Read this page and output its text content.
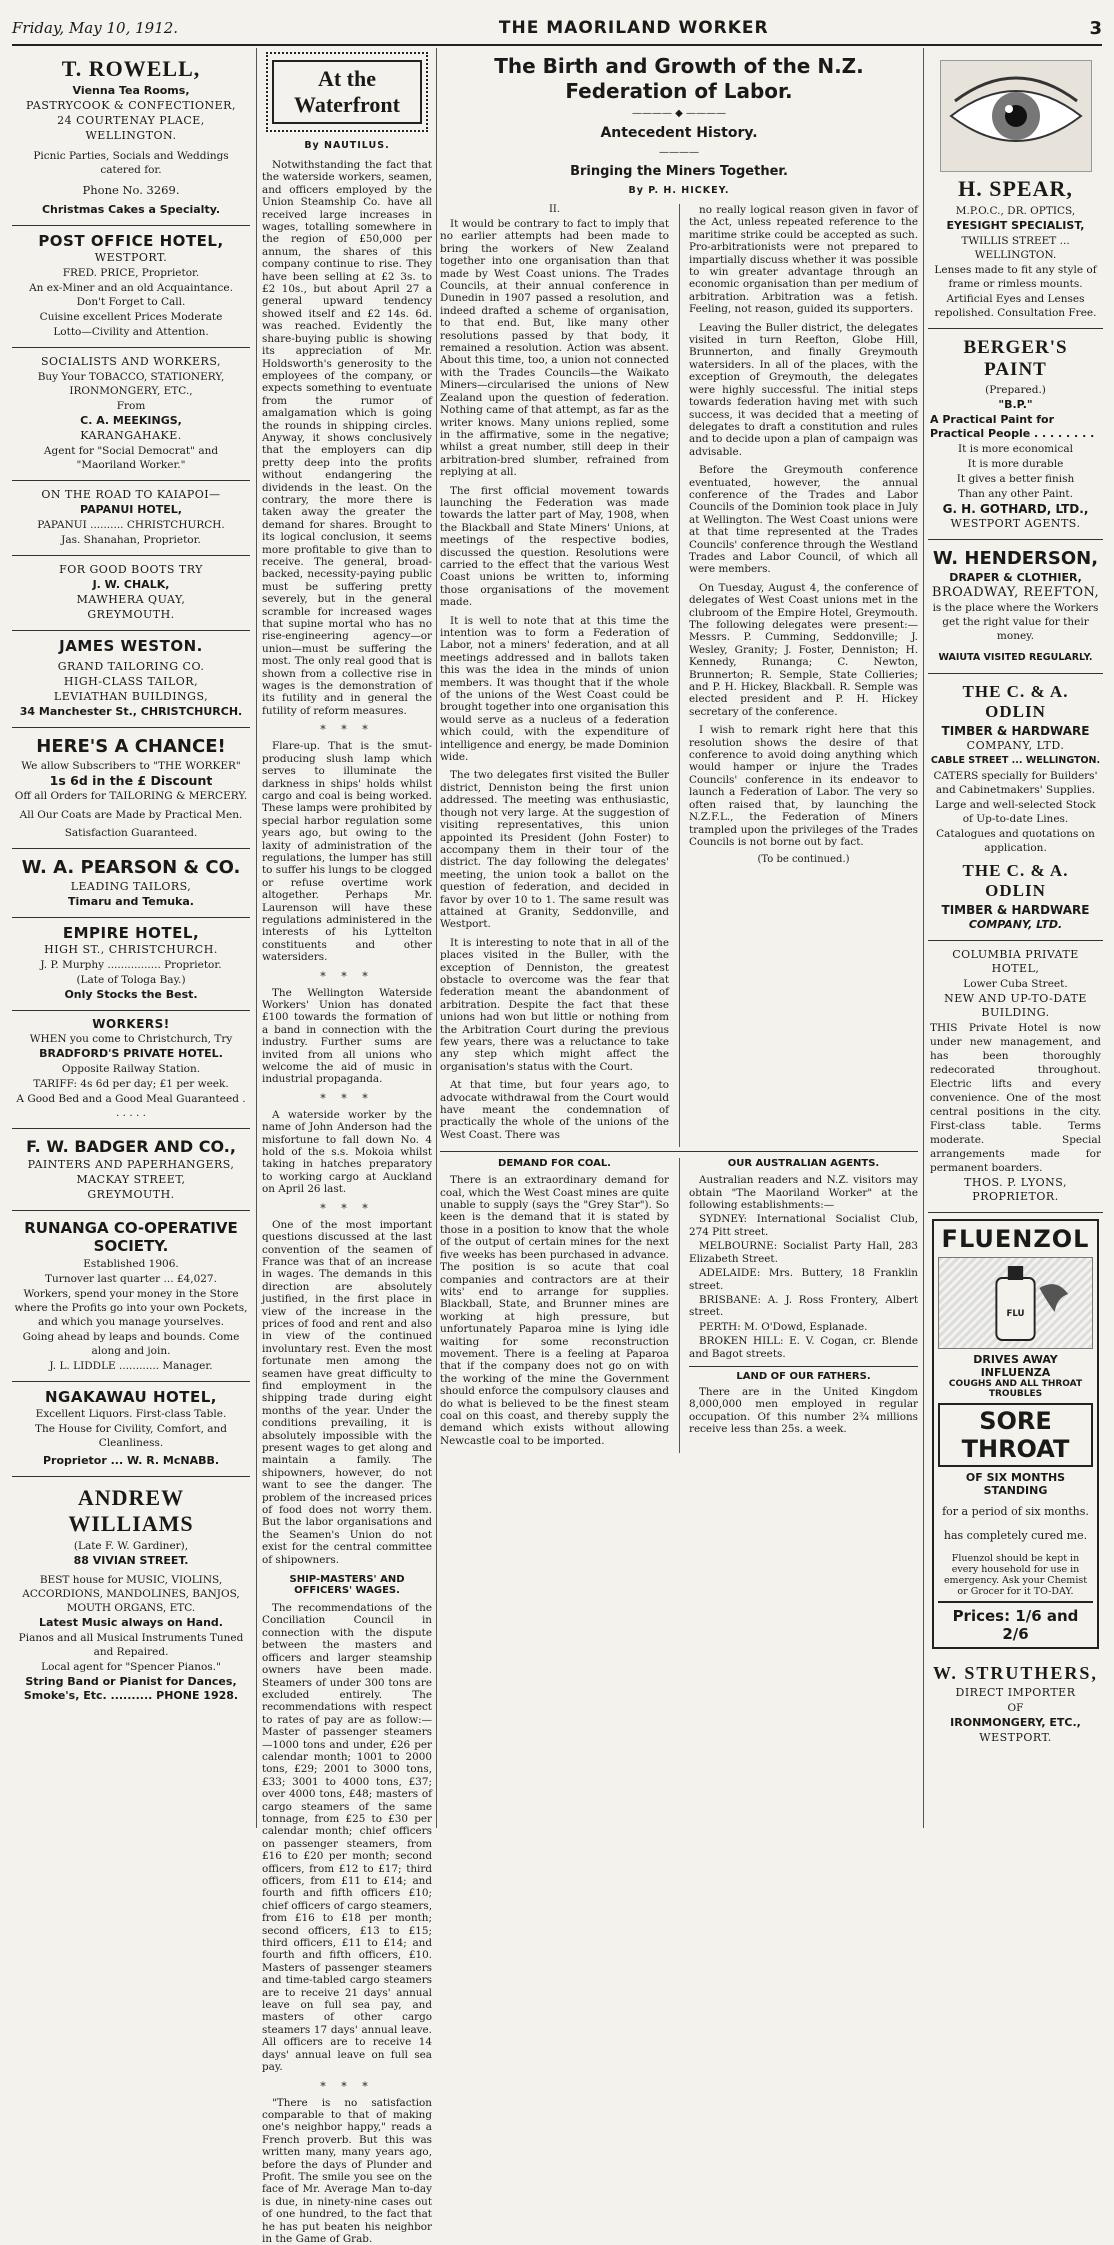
Friday, May 10, 1912.	THE MAORILAND WORKER	3
T. ROWELL,

Vienna Tea Rooms,

PASTRYCOOK & CONFECTIONER,

24 COURTENAY PLACE,

WELLINGTON.

Picnic Parties, Socials and Weddings catered for.

Phone No. 3269.

Christmas Cakes a Specialty.

POST OFFICE HOTEL,

WESTPORT.

FRED. PRICE, Proprietor.

An ex-Miner and an old Acquaintance. Don't Forget to Call.

Cuisine excellent Prices Moderate

Lotto—Civility and Attention.

SOCIALISTS AND WORKERS,

Buy Your TOBACCO, STATIONERY, IRONMONGERY, ETC.,

From

C. A. MEEKINGS,

KARANGAHAKE.

Agent for "Social Democrat" and "Maoriland Worker."

ON THE ROAD TO KAIAPOI—

PAPANUI HOTEL,

PAPANUI .......... CHRISTCHURCH.

Jas. Shanahan, Proprietor.

FOR GOOD BOOTS TRY

J. W. CHALK,

MAWHERA QUAY,

GREYMOUTH.

JAMES WESTON.

GRAND TAILORING CO.

HIGH-CLASS TAILOR,

LEVIATHAN BUILDINGS,

34 Manchester St., CHRISTCHURCH.

HERE'S A CHANCE!

We allow Subscribers to "THE WORKER"

1s 6d in the £ Discount

Off all Orders for TAILORING & MERCERY.

All Our Coats are Made by Practical Men.

Satisfaction Guaranteed.

W. A. PEARSON & CO.

LEADING TAILORS,

Timaru and Temuka.

EMPIRE HOTEL,

HIGH ST., CHRISTCHURCH.

J. P. Murphy ................ Proprietor.

(Late of Tologa Bay.)

Only Stocks the Best.

WORKERS!

WHEN you come to Christchurch, Try

BRADFORD'S PRIVATE HOTEL.

Opposite Railway Station.

TARIFF: 4s 6d per day; £1 per week.

A Good Bed and a Good Meal Guaranteed . . . . . .

F. W. BADGER AND CO.,

PAINTERS AND PAPERHANGERS,

MACKAY STREET,

GREYMOUTH.

RUNANGA CO-OPERATIVE SOCIETY.

Established 1906.

Turnover last quarter ... £4,027.

Workers, spend your money in the Store where the Profits go into your own Pockets, and which you manage yourselves.

Going ahead by leaps and bounds. Come along and join.

J. L. LIDDLE ............ Manager.

NGAKAWAU HOTEL,

Excellent Liquors. First-class Table.

The House for Civility, Comfort, and Cleanliness.

Proprietor ... W. R. McNABB.

ANDREW WILLIAMS

(Late F. W. Gardiner),

88 VIVIAN STREET.

BEST house for MUSIC, VIOLINS, ACCORDIONS, MANDOLINES, BANJOS, MOUTH ORGANS, ETC.

Latest Music always on Hand.

Pianos and all Musical Instruments Tuned and Repaired.

Local agent for "Spencer Pianos."

String Band or Pianist for Dances, Smoke's, Etc. .......... PHONE 1928.

At the Waterfront
By NAUTILUS.

Notwithstanding the fact that the waterside workers, seamen, and officers employed by the Union Steamship Co. have all received large increases in wages, totalling somewhere in the region of £50,000 per annum, the shares of this company continue to rise. They have been selling at £2 3s. to £2 10s., but about April 27 a general upward tendency showed itself and £2 14s. 6d. was reached. Evidently the share-buying public is showing its appreciation of Mr. Holdsworth's generosity to the employees of the company, or expects something to eventuate from the rumor of amalgamation which is going the rounds in shipping circles. Anyway, it shows conclusively that the employers can dip pretty deep into the profits without endangering the dividends in the least. On the contrary, the more there is taken away the greater the demand for shares. Brought to its logical conclusion, it seems more profitable to give than to receive. The general, broad-backed, necessity-paying public must be suffering pretty severely, but in the general scramble for increased wages that supine mortal who has no rise-engineering agency—or union—must be suffering the most. The only real good that is shown from a collective rise in wages is the demonstration of its futility and in general the futility of reform measures.

* * *

Flare-up. That is the smut-producing slush lamp which serves to illuminate the darkness in ships' holds whilst cargo and coal is being worked. These lamps were prohibited by special harbor regulation some years ago, but owing to the laxity of administration of the regulations, the lumper has still to suffer his lungs to be clogged or refuse overtime work altogether. Perhaps Mr. Laurenson will have these regulations administered in the interests of his Lyttelton constituents and other watersiders.

* * *

The Wellington Waterside Workers' Union has donated £100 towards the formation of a band in connection with the industry. Further sums are invited from all unions who welcome the aid of music in industrial propaganda.

* * *

A waterside worker by the name of John Anderson had the misfortune to fall down No. 4 hold of the s.s. Mokoia whilst taking in hatches preparatory to working cargo at Auckland on April 26 last.

* * *

One of the most important questions discussed at the last convention of the seamen of France was that of an increase in wages. The demands in this direction are absolutely justified, in the first place in view of the increase in the prices of food and rent and also in view of the continued involuntary rest. Even the most fortunate men among the seamen have great difficulty to find employment in the shipping trade during eight months of the year. Under the conditions prevailing, it is absolutely impossible with the present wages to get along and maintain a family. The shipowners, however, do not want to see the danger. The problem of the increased prices of food does not worry them. But the labor organisations and the Seamen's Union do not exist for the central committee of shipowners.

SHIP-MASTERS' AND OFFICERS' WAGES.

The recommendations of the Conciliation Council in connection with the dispute between the masters and officers and larger steamship owners have been made. Steamers of under 300 tons are excluded entirely. The recommendations with respect to rates of pay are as follow:—Master of passenger steamers—1000 tons and under, £26 per calendar month; 1001 to 2000 tons, £29; 2001 to 3000 tons, £33; 3001 to 4000 tons, £37; over 4000 tons, £48; masters of cargo steamers of the same tonnage, from £25 to £30 per calendar month; chief officers on passenger steamers, from £16 to £20 per month; second officers, from £12 to £17; third officers, from £11 to £14; and fourth and fifth officers £10; chief officers of cargo steamers, from £16 to £18 per month; second officers, £13 to £15; third officers, £11 to £14; and fourth and fifth officers, £10. Masters of passenger steamers and time-tabled cargo steamers are to receive 21 days' annual leave on full sea pay, and masters of other cargo steamers 17 days' annual leave. All officers are to receive 14 days' annual leave on full sea pay.

* * *

"There is no satisfaction comparable to that of making one's neighbor happy," reads a French proverb. But this was written many, many years ago, before the days of Plunder and Profit. The smile you see on the face of Mr. Average Man to-day is due, in ninety-nine cases out of one hundred, to the fact that he has put beaten his neighbor in the Game of Grab.

The Birth and Growth of the N.Z. Federation of Labor.
———— ◆ ————
Antecedent History.
————
Bringing the Miners Together.
By P. H. HICKEY.
II.

It would be contrary to fact to imply that no earlier attempts had been made to bring the workers of New Zealand together into one organisation than that made by West Coast unions. The Trades Councils, at their annual conference in Dunedin in 1907 passed a resolution, and indeed drafted a scheme of organisation, to that end. But, like many other resolutions passed by that body, it remained a resolution. Action was absent. About this time, too, a union not connected with the Trades Councils—the Waikato Miners—circularised the unions of New Zealand upon the question of federation. Nothing came of that attempt, as far as the writer knows. Many unions replied, some in the affirmative, some in the negative; whilst a great number, still deep in their arbitration-bred slumber, refrained from replying at all.

The first official movement towards launching the Federation was made towards the latter part of May, 1908, when the Blackball and State Miners' Unions, at meetings of the respective bodies, discussed the question. Resolutions were carried to the effect that the various West Coast unions be written to, informing those organisations of the movement made.

It is well to note that at this time the intention was to form a Federation of Labor, not a miners' federation, and at all meetings addressed and in ballots taken this was the idea in the minds of union members. It was thought that if the whole of the unions of the West Coast could be brought together into one organisation this would serve as a nucleus of a federation which could, with the expenditure of intelligence and energy, be made Dominion wide.

The two delegates first visited the Buller district, Denniston being the first union addressed. The meeting was enthusiastic, though not very large. At the suggestion of visiting representatives, this union appointed its President (John Foster) to accompany them in their tour of the district. The day following the delegates' meeting, the union took a ballot on the question of federation, and decided in favor by over 10 to 1. The same result was attained at Granity, Seddonville, and Westport.

It is interesting to note that in all of the places visited in the Buller, with the exception of Denniston, the greatest obstacle to overcome was the fear that federation meant the abandonment of arbitration. Despite the fact that these unions had won but little or nothing from the Arbitration Court during the previous few years, there was a reluctance to take any step which might affect the organisation's status with the Court.

At that time, but four years ago, to advocate withdrawal from the Court would have meant the condemnation of practically the whole of the unions of the West Coast. There was

no really logical reason given in favor of the Act, unless repeated reference to the maritime strike could be accepted as such. Pro-arbitrationists were not prepared to impartially discuss whether it was possible to win greater advantage through an economic organisation than per medium of arbitration. Arbitration was a fetish. Feeling, not reason, guided its supporters.

Leaving the Buller district, the delegates visited in turn Reefton, Globe Hill, Brunnerton, and finally Greymouth watersiders. In all of the places, with the exception of Greymouth, the delegates were highly successful. The initial steps towards federation having met with such success, it was decided that a meeting of delegates to draft a constitution and rules and to decide upon a plan of campaign was advisable.

Before the Greymouth conference eventuated, however, the annual conference of the Trades and Labor Councils of the Dominion took place in July at Wellington. The West Coast unions were at that time represented at the Trades Councils' conference through the Westland Trades and Labor Council, of which all were members.

On Tuesday, August 4, the conference of delegates of West Coast unions met in the clubroom of the Empire Hotel, Greymouth. The following delegates were present:—Messrs. P. Cumming, Seddonville; J. Wesley, Granity; J. Foster, Denniston; H. Kennedy, Runanga; C. Newton, Brunnerton; R. Semple, State Collieries; and P. H. Hickey, Blackball. R. Semple was elected president and P. H. Hickey secretary of the conference.

I wish to remark right here that this resolution shows the desire of that conference to avoid doing anything which would hamper or injure the Trades Councils' conference in its endeavor to launch a Federation of Labor. The very so often raised that, by launching the N.Z.F.L., the Federation of Miners trampled upon the privileges of the Trades Councils is not borne out by fact.

(To be continued.)

DEMAND FOR COAL.

There is an extraordinary demand for coal, which the West Coast mines are quite unable to supply (says the "Grey Star"). So keen is the demand that it is stated by those in a position to know that the whole of the output of certain mines for the next five weeks has been purchased in advance. The position is so acute that coal companies and contractors are at their wits' end to arrange for supplies. Blackball, State, and Brunner mines are working at high pressure, but unfortunately Paparoa mine is lying idle waiting for some reconstruction movement. There is a feeling at Paparoa that if the company does not go on with the working of the mine the Government should enforce the compulsory clauses and do what is believed to be the finest steam coal on this coast, and thereby supply the demand which exists without allowing Newcastle coal to be imported.

OUR AUSTRALIAN AGENTS.

Australian readers and N.Z. visitors may obtain "The Maoriland Worker" at the following establishments:—

SYDNEY: International Socialist Club, 274 Pitt street.

MELBOURNE: Socialist Party Hall, 283 Elizabeth Street.

ADELAIDE: Mrs. Buttery, 18 Franklin street.

BRISBANE: A. J. Ross Frontery, Albert street.

PERTH: M. O'Dowd, Esplanade.

BROKEN HILL: E. V. Cogan, cr. Blende and Bagot streets.

LAND OF OUR FATHERS.

There are in the United Kingdom 8,000,000 men employed in regular occupation. Of this number 2¾ millions receive less than 25s. a week.

H. SPEAR,

M.P.O.C., DR. OPTICS,

EYESIGHT SPECIALIST,

TWILLIS STREET ... WELLINGTON.

Lenses made to fit any style of frame or rimless mounts.

Artificial Eyes and Lenses repolished. Consultation Free.

BERGER'S PAINT

(Prepared.)

"B.P."

A Practical Paint for Practical People . . . . . . . .

It is more economical

It is more durable

It gives a better finish

Than any other Paint.

G. H. GOTHARD, LTD.,

WESTPORT AGENTS.

W. HENDERSON,

DRAPER & CLOTHIER,

BROADWAY, REEFTON,

is the place where the Workers get the right value for their money.

WAIUTA VISITED REGULARLY.

THE C. & A. ODLIN

TIMBER & HARDWARE

COMPANY, LTD.

CABLE STREET ... WELLINGTON.

CATERS specially for Builders' and Cabinetmakers' Supplies.

Large and well-selected Stock of Up-to-date Lines.

Catalogues and quotations on application.

THE C. & A. ODLIN

TIMBER & HARDWARE

COMPANY, LTD.

COLUMBIA PRIVATE HOTEL,

Lower Cuba Street.

NEW AND UP-TO-DATE BUILDING.

THIS Private Hotel is now under new management, and has been thoroughly redecorated throughout. Electric lifts and every convenience. One of the most central positions in the city. First-class table. Terms moderate. Special arrangements made for permanent boarders.

THOS. P. LYONS, PROPRIETOR.

FLUENZOL
FLU
DRIVES AWAY INFLUENZA
COUGHS AND ALL THROAT TROUBLES
SORE THROAT
OF SIX MONTHS STANDING

for a period of six months.

has completely cured me.

Fluenzol should be kept in every household for use in emergency. Ask your Chemist or Grocer for it TO-DAY.

Prices: 1/6 and 2/6
W. STRUTHERS,

DIRECT IMPORTER

OF

IRONMONGERY, ETC.,

WESTPORT.
